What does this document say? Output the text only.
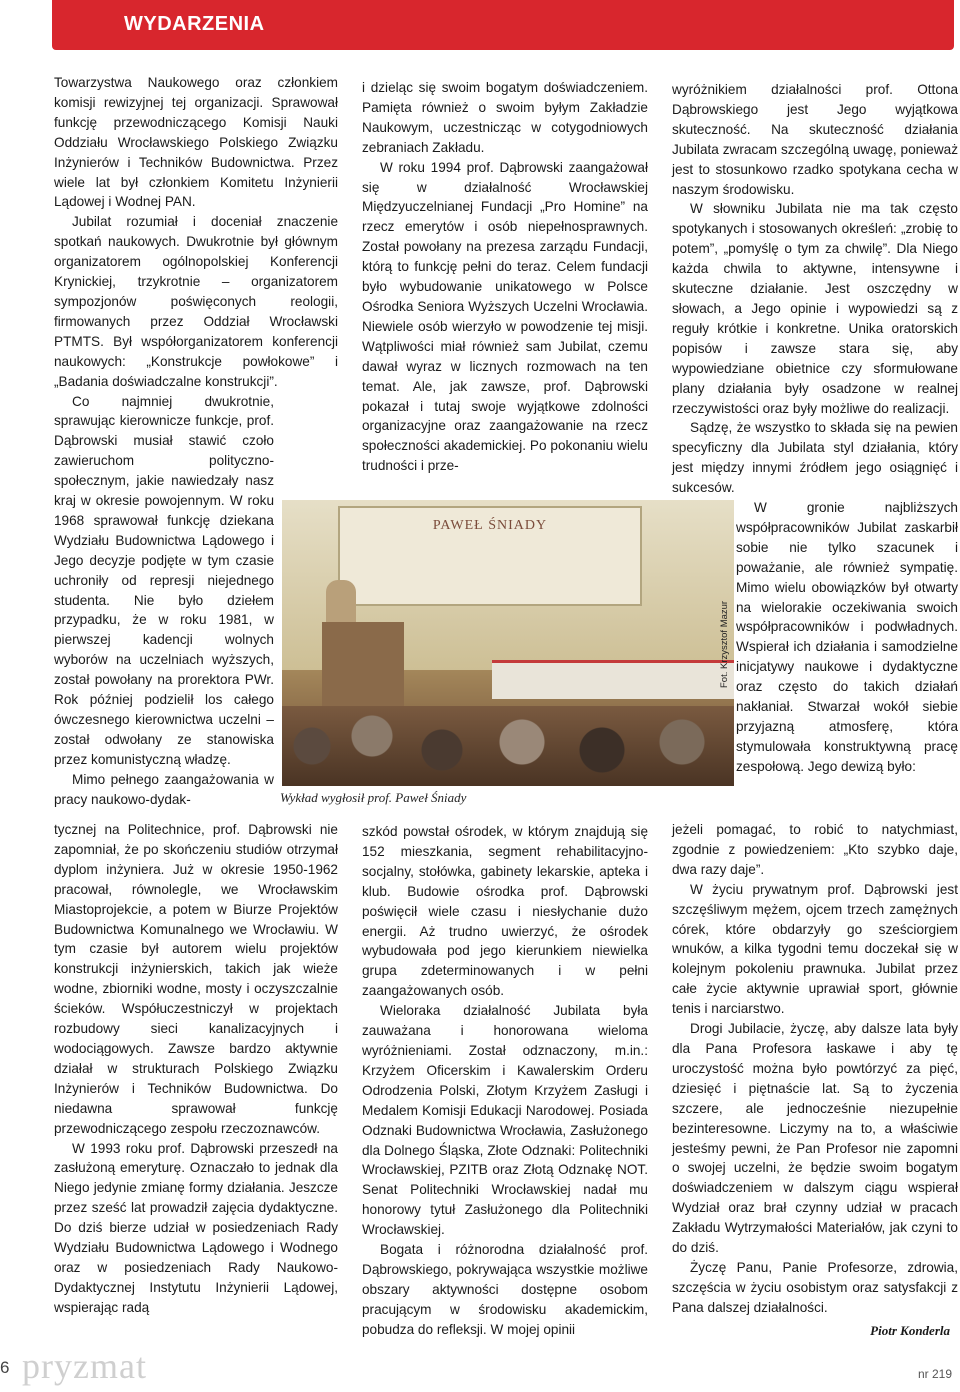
WYDARZENIA

Towarzystwa Naukowego oraz członkiem komisji rewizyjnej tej organizacji. Sprawował funkcję przewodniczącego Komisji Nauki Oddziału Wrocławskiego Polskiego Związku Inżynierów i Techników Budownictwa. Przez wiele lat był członkiem Komitetu Inżynierii Lądowej i Wodnej PAN.

Jubilat rozumiał i doceniał znaczenie spotkań naukowych. Dwukrotnie był głównym organizatorem ogólnopolskiej Konferencji Krynickiej, trzykrotnie – organizatorem sympozjonów poświęconych reologii, firmowanych przez Oddział Wrocławski PTMTS. Był współorganizatorem konferencji naukowych: „Konstrukcje powłokowe” i „Badania doświadczalne konstrukcji”.

Co najmniej dwukrotnie, sprawując kierownicze funkcje, prof. Dąbrowski musiał stawić czoło zawieruchom polityczno-społecznym, jakie nawiedzały nasz kraj w okresie powojennym. W roku 1968 sprawował funkcję dziekana Wydziału Budownictwa Lądowego i Jego decyzje podjęte w tym czasie uchroniły od represji niejednego studenta. Nie było dziełem przypadku, że w roku 1981, w pierwszej kadencji wolnych wyborów na uczelniach wyższych, został powołany na prorektora PWr. Rok później podzielił los całego ówczesnego kierownictwa uczelni – został odwołany ze stanowiska przez komunistyczną władzę.

Mimo pełnego zaangażowania w pracy naukowo-dydak-

tycznej na Politechnice, prof. Dąbrowski nie zapomniał, że po skończeniu studiów otrzymał dyplom inżyniera. Już w okresie 1950-1962 pracował, równolegle, we Wrocławskim Miastoprojekcie, a potem w Biurze Projektów Budownictwa Komunalnego we Wrocławiu. W tym czasie był autorem wielu projektów konstrukcji inżynierskich, takich jak wieże wodne, zbiorniki wodne, mosty i oczyszczalnie ścieków. Współuczestniczył w projektach rozbudowy sieci kanalizacyjnych i wodociągowych. Zawsze bardzo aktywnie działał w strukturach Polskiego Związku Inżynierów i Techników Budownictwa. Do niedawna sprawował funkcję przewodniczącego zespołu rzeczoznawców.

W 1993 roku prof. Dąbrowski przeszedł na zasłużoną emeryturę. Oznaczało to jednak dla Niego jedynie zmianę formy działania. Jeszcze przez sześć lat prowadził zajęcia dydaktyczne. Do dziś bierze udział w posiedzeniach Rady Wydziału Budownictwa Lądowego i Wodnego oraz w posiedzeniach Rady Naukowo-Dydaktycznej Instytutu Inżynierii Lądowej, wspierając radą

i dzieląc się swoim bogatym doświadczeniem. Pamięta również o swoim byłym Zakładzie Naukowym, uczestnicząc w cotygodniowych zebraniach Zakładu.

W roku 1994 prof. Dąbrowski zaangażował się w działalność Wrocławskiej Międzyuczelnianej Fundacji „Pro Homine” na rzecz emerytów i osób niepełnosprawnych. Został powołany na prezesa zarządu Fundacji, którą to funkcję pełni do teraz. Celem fundacji było wybudowanie unikatowego w Polsce Ośrodka Seniora Wyższych Uczelni Wrocławia. Niewiele osób wierzyło w powodzenie tej misji. Wątpliwości miał również sam Jubilat, czemu dawał wyraz w licznych rozmowach na ten temat. Ale, jak zawsze, prof. Dąbrowski pokazał i tutaj swoje wyjątkowe zdolności organizacyjne oraz zaangażowanie na rzecz społeczności akademickiej. Po pokonaniu wielu trudności i prze-

szkód powstał ośrodek, w którym znajdują się 152 mieszkania, segment rehabilitacyjno-socjalny, stołówka, gabinety lekarskie, apteka i klub. Budowie ośrodka prof. Dąbrowski poświęcił wiele czasu i niesłychanie dużo energii. Aż trudno uwierzyć, że ośrodek wybudowała pod jego kierunkiem niewielka grupa zdeterminowanych i w pełni zaangażowanych osób.

Wieloraka działalność Jubilata była zauważana i honorowana wieloma wyróżnieniami. Został odznaczony, m.in.: Krzyżem Oficerskim i Kawalerskim Orderu Odrodzenia Polski, Złotym Krzyżem Zasługi i Medalem Komisji Edukacji Narodowej. Posiada Odznaki Budownictwa Wrocławia, Zasłużonego dla Dolnego Śląska, Złote Odznaki: Politechniki Wrocławskiej, PZITB oraz Złotą Odznakę NOT. Senat Politechniki Wrocławskiej nadał mu honorowy tytuł Zasłużonego dla Politechniki Wrocławskiej.

Bogata i różnorodna działalność prof. Dąbrowskiego, pokrywająca wszystkie możliwe obszary aktywności dostępne osobom pracującym w środowisku akademickim, pobudza do refleksji. W mojej opinii

wyróżnikiem działalności prof. Ottona Dąbrowskiego jest Jego wyjątkowa skuteczność. Na skuteczność działania Jubilata zwracam szczególną uwagę, ponieważ jest to stosunkowo rzadko spotykana cecha w naszym środowisku.

W słowniku Jubilata nie ma tak często spotykanych i stosowanych określeń: „zrobię to potem”, „pomyślę o tym za chwilę”. Dla Niego każda chwila to aktywne, intensywne i skuteczne działanie. Jest oszczędny w słowach, a Jego opinie i wypowiedzi są z reguły krótkie i konkretne. Unika oratorskich popisów i zawsze stara się, aby wypowiedziane obietnice czy sformułowane plany działania były osadzone w realnej rzeczywistości oraz były możliwe do realizacji.

Sądzę, że wszystko to składa się na pewien specyficzny dla Jubilata styl działania, który jest między innymi źródłem jego osiągnięć i sukcesów.

W gronie najbliższych współpracowników Jubilat zaskarbił sobie nie tylko szacunek i poważanie, ale również sympatię. Mimo wielu obowiązków był otwarty na wielorakie oczekiwania swoich współpracowników i podwładnych. Wspierał ich działania i samodzielne inicjatywy naukowe i dydaktyczne oraz często do takich działań nakłaniał. Stwarzał wokół siebie przyjazną atmosferę, która stymulowała konstruktywną pracę zespołową. Jego dewizą było:

jeżeli pomagać, to robić to natychmiast, zgodnie z powiedzeniem: „Kto szybko daje, dwa razy daje”.

W życiu prywatnym prof. Dąbrowski jest szczęśliwym mężem, ojcem trzech zamężnych córek, które obdarzyły go sześciorgiem wnuków, a kilka tygodni temu doczekał się w kolejnym pokoleniu prawnuka. Jubilat przez całe życie aktywnie uprawiał sport, głównie tenis i narciarstwo.

Drogi Jubilacie, życzę, aby dalsze lata były dla Pana Profesora łaskawe i aby tę uroczystość można było powtórzyć za pięć, dziesięć i piętnaście lat. Są to życzenia szczere, ale jednocześnie niezupełnie bezinteresowne. Liczymy na to, a właściwie jesteśmy pewni, że Pan Profesor nie zapomni o swojej uczelni, że będzie swoim bogatym doświadczeniem w dalszym ciągu wspierał Wydział oraz brał czynny udział w pracach Zakładu Wytrzymałości Materiałów, jak czyni to do dziś.

Życzę Panu, Panie Profesorze, zdrowia, szczęścia w życiu osobistym oraz satysfakcji z Pana dalszej działalności.

PAWEŁ ŚNIADY
Fot. Krzysztof Mazur
Wykład wygłosił prof. Paweł Śniady
Piotr Konderla
pryzmat
6	nr 219
